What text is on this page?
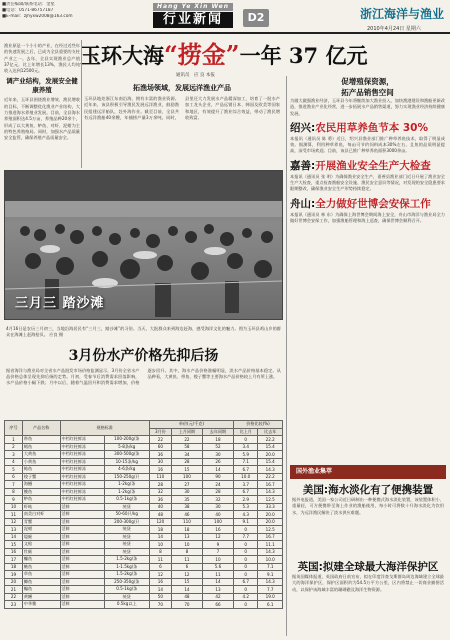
■责任编辑/联系电话：金星
■电话：0571-86757187
■E-mail：zjhyxw2008@163.com
Hang Ye Xin Wen
行业新闻	D2	浙江海洋与渔业
2010年4月24日 星期六
玉环大海“捞金”一年 37 亿元
通讯员　应 良 本报

渔业原是一个小小的产业，在经过近些年的快速发展之后，已成为全县重要的支柱产业之一。去年，全县实现渔业总产值37亿元，比上年增长13%，渔民人均纯收入达到12500元。

调产业结构，发展安全健康养殖

近年来，玉环县围绕渔业增效、渔民增收的目标，不断调整优化渔业产业结构，大力推进海水养殖业发展。目前，全县海水养殖面积达4.5万亩，养殖品种20余个，形成了以大黄鱼、鲈鱼、对虾、泥蚶为主的特色养殖格局。同时，加强水产品质量安全监管，确保养殖产品质量安全。

拓渔场领域，发展远洋渔业产品
玉环县地处浙江东南沿海，拥有丰富的渔业资源。近年来，该县积极引导渔民发展远洋渔业，鼓励渔民组建远洋船队，赴外海作业。截至目前，全县共有远洋渔船40余艘，年捕捞产量3万余吨。同时，县里还大力发展水产品精深加工，培育了一批水产加工龙头企业，产品远销日本、韩国及欧美等国家和地区，有效提升了渔业综合效益，带动了渔民增收致富。
促增殖保资源，
拓产品销售空间
为做大做强渔业经济，玉环县今年将继续加大渔业投入，加快渔港建设和渔船更新改造，推进渔业产业化经营，进一步拓展水产品销售渠道，努力实现渔业经济持续健康发展。
绍兴:农民用草养鱼节本 30%
本报讯（通讯员 陈 勇）近日，绍兴县渔业部门推广种草养鱼技术，取得了明显成效。据测算，利用种草养鱼，每亩可节约饲料成本30%左右，且鱼的品质明显提高，深受市场欢迎。目前，该县已推广种草养鱼面积3000余亩。
嘉善:开展渔业安全生产大检查
本报讯（通讯员 张 明）为确保渔业安全生产，嘉善县渔业部门近日开展了渔业安全生产大检查，重点检查渔船安全设施、渔民安全意识等情况，对发现的安全隐患要求限期整改，确保渔业安全生产形势持续稳定。
舟山:全力做好世博会安保工作
本报讯（通讯员 林 东）为确保上海世博会期间海上安全，舟山市海洋与渔业局全力做好世博会安保工作，加强渔船管理和海上巡查，确保世博会顺利召开。
三月三 踏沙滩
4月16日是农历三月初三，当地沿海居民有“三月三，踏沙滩”的习俗。当天，大批群众来到海边赶海，感受海洋文化的魅力。图为玉环县鸡山乡的群众在海滩上赶海拾贝。 应良 摄
3月份水产价格先抑后扬
据省海洋与渔业局对全省水产品批发市场价格监测显示，3月份全省水产品价格总体呈现先抑后扬的走势。月初，受春节后消费需求回落影响，水产品价格小幅下跌；月中以后，随着气温回升和消费需求增加，价格逐步回升。其中，海水产品价格涨幅明显，淡水产品价格基本稳定。从品种看，大黄鱼、带鱼、梭子蟹等主要海水产品价格较上月有所上涨。
序号	产品名称	规格标准		单价(元/千克)			价格比较(%)	
				3月份	上月同期	去年同期	比上月	比去年
1	带鱼	中档红柱鲜冻	100-200g/条	22	22	18	0	22.2
2	鲳鱼	中档红柱鲜冻	5-8条/kg	60	58	52	3.4	15.4
3	大黄鱼	中档红柱鲜冻	300-500g/条	36	34	30	5.9	20.0
4	小黄鱼	中档红柱鲜冻	10-15条/kg	30	28	26	7.1	15.4
5	鲐鱼	中档红柱鲜冻	4-6条/kg	16	15	14	6.7	14.3
6	梭子蟹	中档红柱鲜冻	150-250g/只	110	100	90	10.0	22.2
7	海鳗	中档红柱鲜冻	1-2kg/条	28	27	24	3.7	16.7
8	鮸鱼	中档红柱鲜冻	1-2kg/条	32	30	28	6.7	14.3
9	鲈鱼	中档红柱鲜冻	0.5-1kg/条	36	35	32	2.9	12.5
10	虾蛄	活鲜	统货	40	38	30	5.3	33.3
11	南美白对虾	活鲜	50-60只/kg	48	46	40	4.3	20.0
12	青蟹	活鲜	200-300g/只	120	110	100	9.1	20.0
13	泥蚶	活鲜	统货	18	18	16	0	12.5
14	缢蛏	活鲜	统货	14	13	12	7.7	16.7
15	文蛤	活鲜	统货	10	10	9	0	11.1
16	牡蛎	活鲜	统货	8	8	7	0	14.3
17	鳙鱼	活鲜	1.5-2kg/条	11	11	10	0	10.0
18	鲢鱼	活鲜	1-1.5kg/条	6	6	5.6	0	7.1
19	草鱼	活鲜	1.5-2kg/条	12	12	11	0	9.1
20	鲫鱼	活鲜	250-350g/条	16	15	14	6.7	14.3
21	鳊鱼	活鲜	0.5-1kg/条	14	14	13	0	7.7
22	黄鳝	活鲜	统货	50	48	42	4.2	19.0
23	中华鳖	活鲜	0.5kg以上	70	70	66	0	6.1
国外渔业集萃
美国:海水淡化有了便携装置
据外电报道，美国一家公司近日研制出一种便携式海水淡化装置，该装置体积小、重量轻，可方便携带至海上作业的渔船使用，每小时可将数十升海水淡化为饮用水，为远洋渔民解决了淡水供应难题。
英国:拟建全球最大海洋保护区
据英国媒体报道，英国政府日前宣布，拟在印度洋查戈斯群岛周边海域建立全球最大的海洋保护区，保护区面积约为54.5万平方公里，区内将禁止一切商业捕捞活动，以保护该海域丰富的珊瑚礁及海洋生物资源。
